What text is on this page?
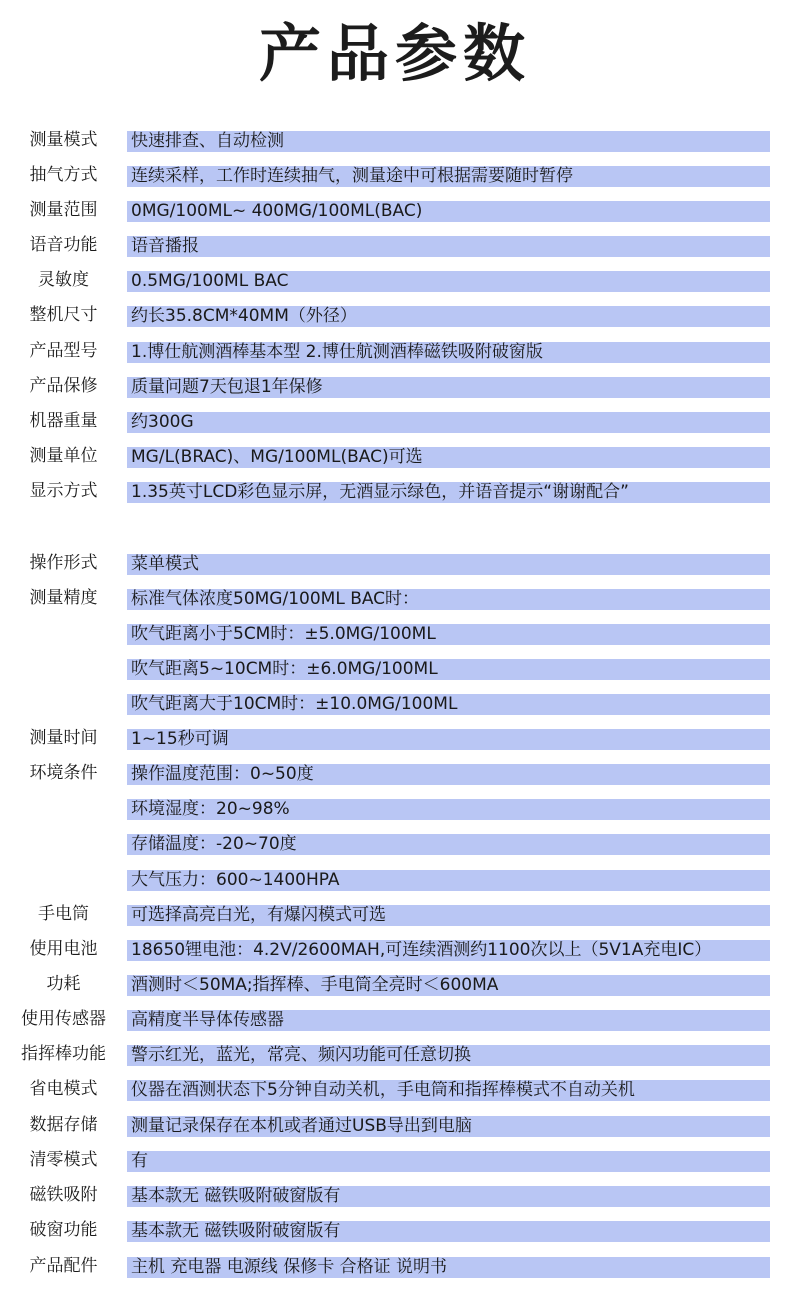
产品参数
测量模式	快速排查、自动检测
抽气方式	连续采样，工作时连续抽气，测量途中可根据需要随时暂停
测量范围	0MG/100ML~ 400MG/100ML(BAC)
语音功能	语音播报
灵敏度	0.5MG/100ML BAC
整机尺寸	约长35.8CM*40MM（外径）
产品型号	1.博仕航测酒棒基本型 2.博仕航测酒棒磁铁吸附破窗版
产品保修	质量问题7天包退1年保修
机器重量	约300G
测量单位	MG/L(BRAC)、MG/100ML(BAC)可选
显示方式	1.35英寸LCD彩色显示屏，无酒显示绿色，并语音提示“谢谢配合”
操作形式	菜单模式
测量精度	标准气体浓度50MG/100ML BAC时：
吹气距离小于5CM时：±5.0MG/100ML
吹气距离5~10CM时：±6.0MG/100ML
吹气距离大于10CM时：±10.0MG/100ML
测量时间	1~15秒可调
环境条件	操作温度范围：0~50度
环境湿度：20~98%
存储温度：-20~70度
大气压力：600~1400HPA
手电筒	可选择高亮白光，有爆闪模式可选
使用电池	18650锂电池：4.2V/2600MAH,可连续酒测约1100次以上（5V1A充电IC）
功耗	酒测时＜50MA;指挥棒、手电筒全亮时＜600MA
使用传感器	高精度半导体传感器
指挥棒功能	警示红光，蓝光，常亮、频闪功能可任意切换
省电模式	仪器在酒测状态下5分钟自动关机，手电筒和指挥棒模式不自动关机
数据存储	测量记录保存在本机或者通过USB导出到电脑
清零模式	有
磁铁吸附	基本款无 磁铁吸附破窗版有
破窗功能	基本款无 磁铁吸附破窗版有
产品配件	主机 充电器 电源线 保修卡 合格证 说明书
